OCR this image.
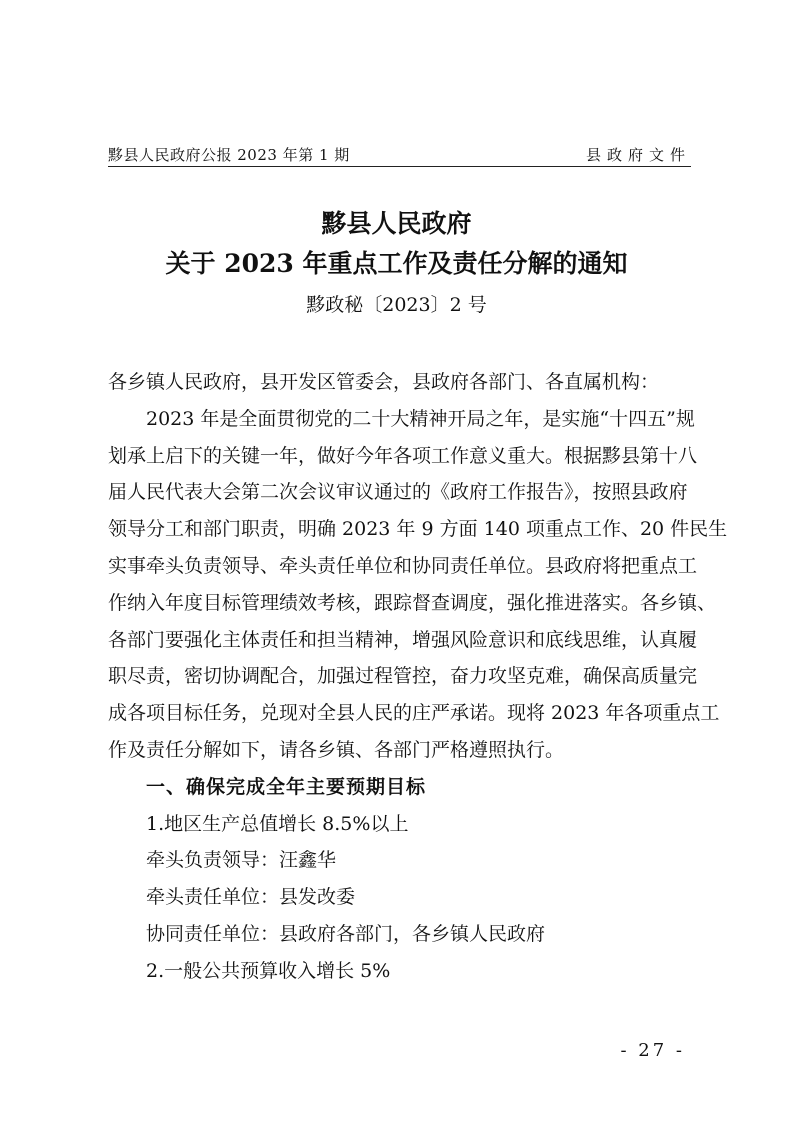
黟县人民政府公报 2023 年第 1 期	县政府文件
黟县人民政府
关于 2023 年重点工作及责任分解的通知
黟政秘〔2023〕2 号
各乡镇人民政府，县开发区管委会，县政府各部门、各直属机构：
2023 年是全面贯彻党的二十大精神开局之年，是实施“十四五”规
划承上启下的关键一年，做好今年各项工作意义重大。根据黟县第十八
届人民代表大会第二次会议审议通过的《政府工作报告》，按照县政府
领导分工和部门职责，明确 2023 年 9 方面 140 项重点工作、20 件民生
实事牵头负责领导、牵头责任单位和协同责任单位。县政府将把重点工
作纳入年度目标管理绩效考核，跟踪督查调度，强化推进落实。各乡镇、
各部门要强化主体责任和担当精神，增强风险意识和底线思维，认真履
职尽责，密切协调配合，加强过程管控，奋力攻坚克难，确保高质量完
成各项目标任务，兑现对全县人民的庄严承诺。现将 2023 年各项重点工
作及责任分解如下，请各乡镇、各部门严格遵照执行。
一、确保完成全年主要预期目标
1.地区生产总值增长 8.5%以上
牵头负责领导：汪鑫华
牵头责任单位：县发改委
协同责任单位：县政府各部门，各乡镇人民政府
2.一般公共预算收入增长 5%
- 27 -
